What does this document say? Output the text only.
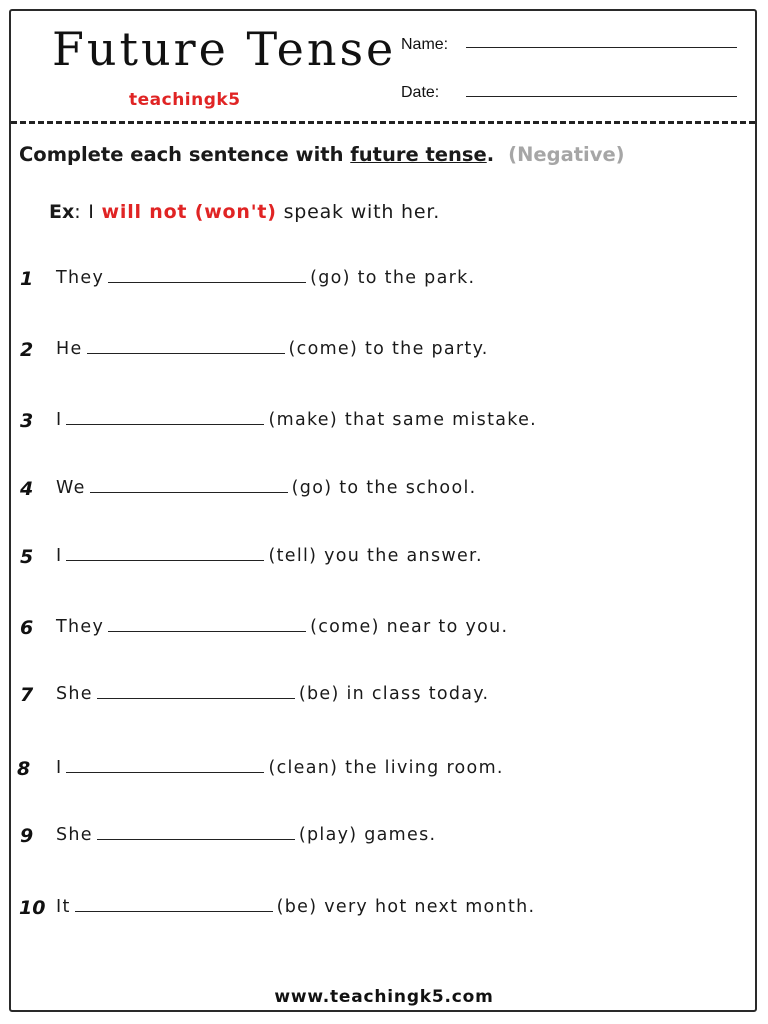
Future Tense
teachingk5
Name:
Date:
Complete each sentence with future tense. (Negative)
Ex: I will not (won't) speak with her.
1 They	(go) to the park.
2 He	(come) to the party.
3 I	(make) that same mistake.
4 We	(go) to the school.
5 I	(tell) you the answer.
6 They	(come) near to you.
7 She	(be) in class today.
8 I	(clean) the living room.
9 She	(play) games.
10 It	(be) very hot next month.
www.teachingk5.com
